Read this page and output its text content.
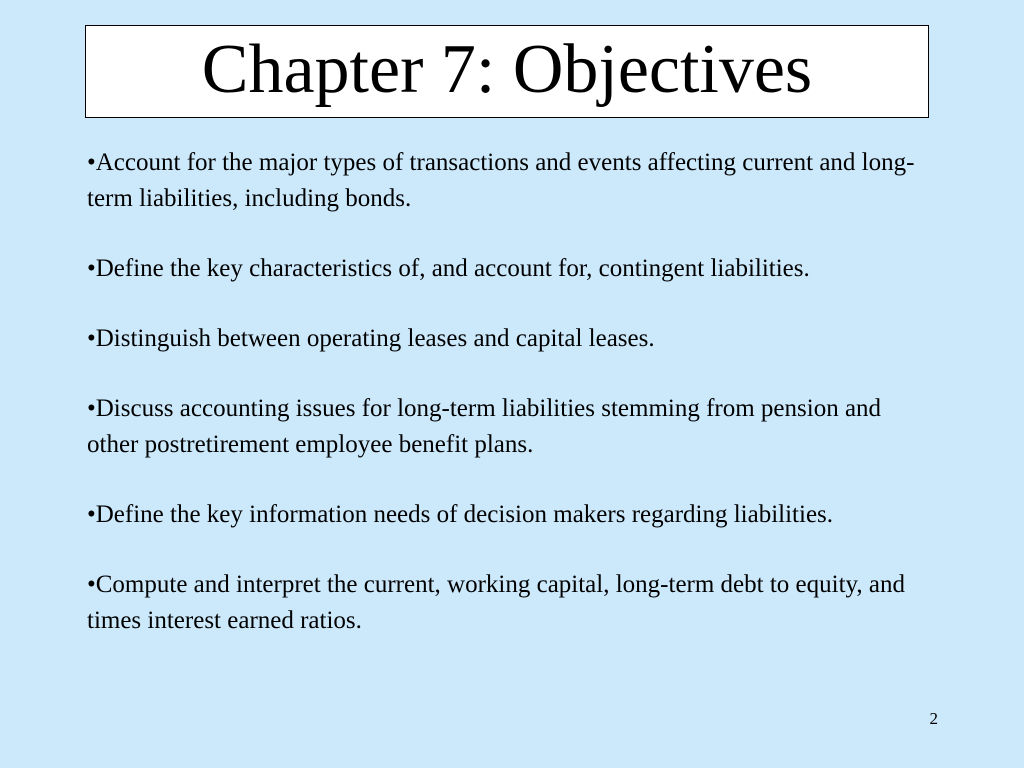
Chapter 7: Objectives

•Account for the major types of transactions and events affecting current and long-term liabilities, including bonds.

•Define the key characteristics of, and account for, contingent liabilities.

•Distinguish between operating leases and capital leases.

•Discuss accounting issues for long-term liabilities stemming from pension and other postretirement employee benefit plans.

•Define the key information needs of decision makers regarding liabilities.

•Compute and interpret the current, working capital, long-term debt to equity, and times interest earned ratios.

2
